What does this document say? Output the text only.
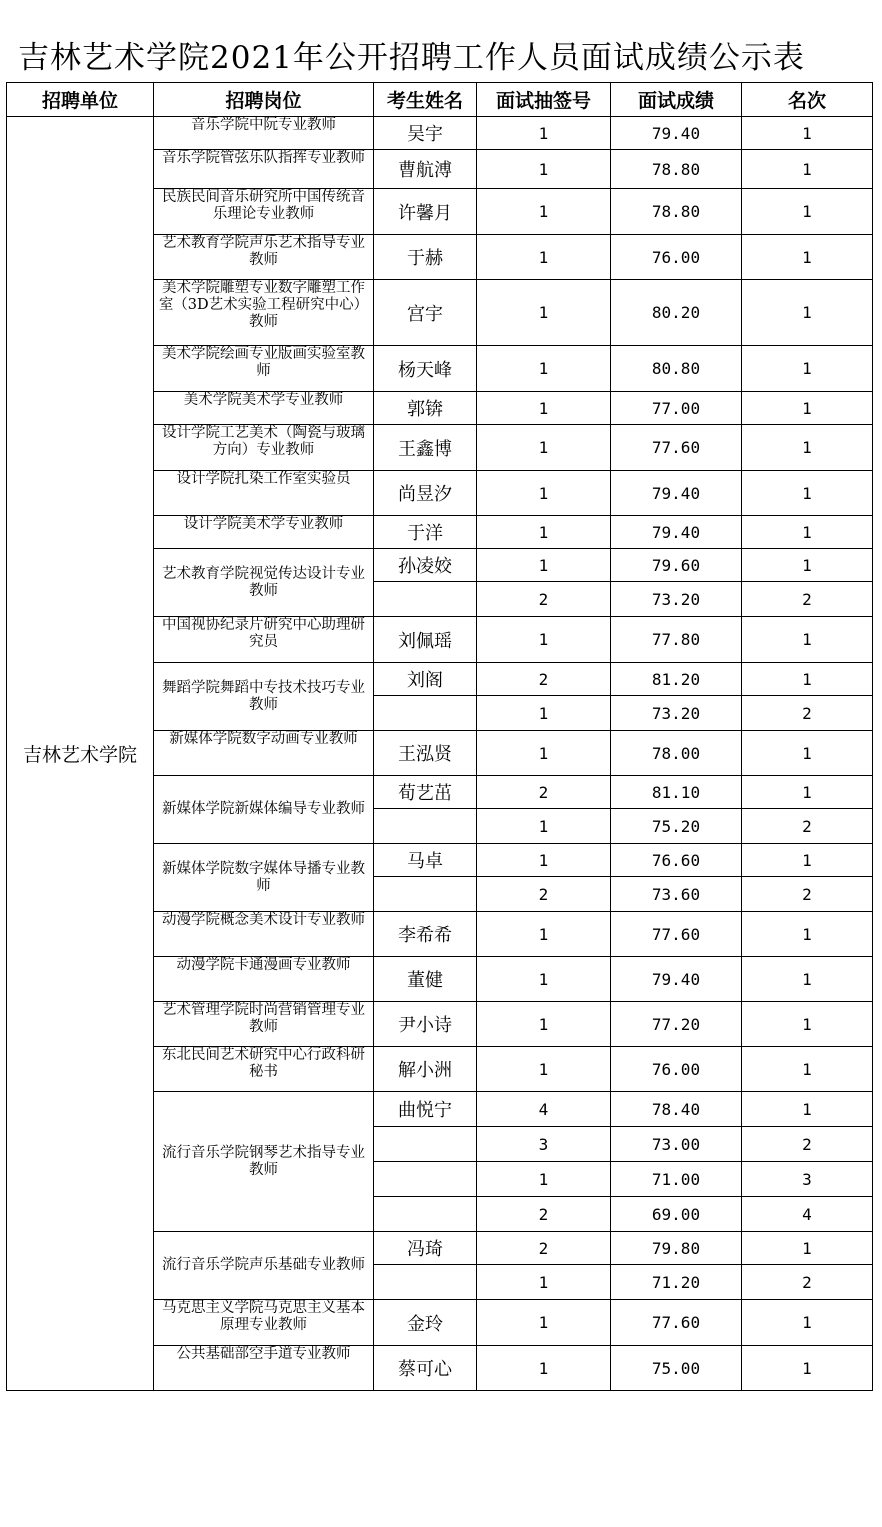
吉林艺术学院2021年公开招聘工作人员面试成绩公示表
招聘单位	招聘岗位	考生姓名	面试抽签号	面试成绩	名次
吉林艺术学院	音乐学院中阮专业教师	吴宇	1	79.40	1
	音乐学院管弦乐队指挥专业教师	曹航溥	1	78.80	1
	民族民间音乐研究所中国传统音乐理论专业教师	许馨月	1	78.80	1
	艺术教育学院声乐艺术指导专业教师	于赫	1	76.00	1
	美术学院雕塑专业数字雕塑工作室（3D艺术实验工程研究中心）教师	宫宇	1	80.20	1
	美术学院绘画专业版画实验室教师	杨天峰	1	80.80	1
	美术学院美术学专业教师	郭锛	1	77.00	1
	设计学院工艺美术（陶瓷与玻璃方向）专业教师	王鑫博	1	77.60	1
	设计学院扎染工作室实验员	尚昱汐	1	79.40	1
	设计学院美术学专业教师	于洋	1	79.40	1
	艺术教育学院视觉传达设计专业教师	孙凌姣	1	79.60	1
			2	73.20	2
	中国视协纪录片研究中心助理研究员	刘佩瑶	1	77.80	1
	舞蹈学院舞蹈中专技术技巧专业教师	刘阁	2	81.20	1
			1	73.20	2
	新媒体学院数字动画专业教师	王泓贤	1	78.00	1
	新媒体学院新媒体编导专业教师	荀艺茁	2	81.10	1
			1	75.20	2
	新媒体学院数字媒体导播专业教师	马卓	1	76.60	1
			2	73.60	2
	动漫学院概念美术设计专业教师	李希希	1	77.60	1
	动漫学院卡通漫画专业教师	董健	1	79.40	1
	艺术管理学院时尚营销管理专业教师	尹小诗	1	77.20	1
	东北民间艺术研究中心行政科研秘书	解小洲	1	76.00	1
	流行音乐学院钢琴艺术指导专业教师	曲悦宁	4	78.40	1
			3	73.00	2
			1	71.00	3
			2	69.00	4
	流行音乐学院声乐基础专业教师	冯琦	2	79.80	1
			1	71.20	2
	马克思主义学院马克思主义基本原理专业教师	金玲	1	77.60	1
	公共基础部空手道专业教师	蔡可心	1	75.00	1
